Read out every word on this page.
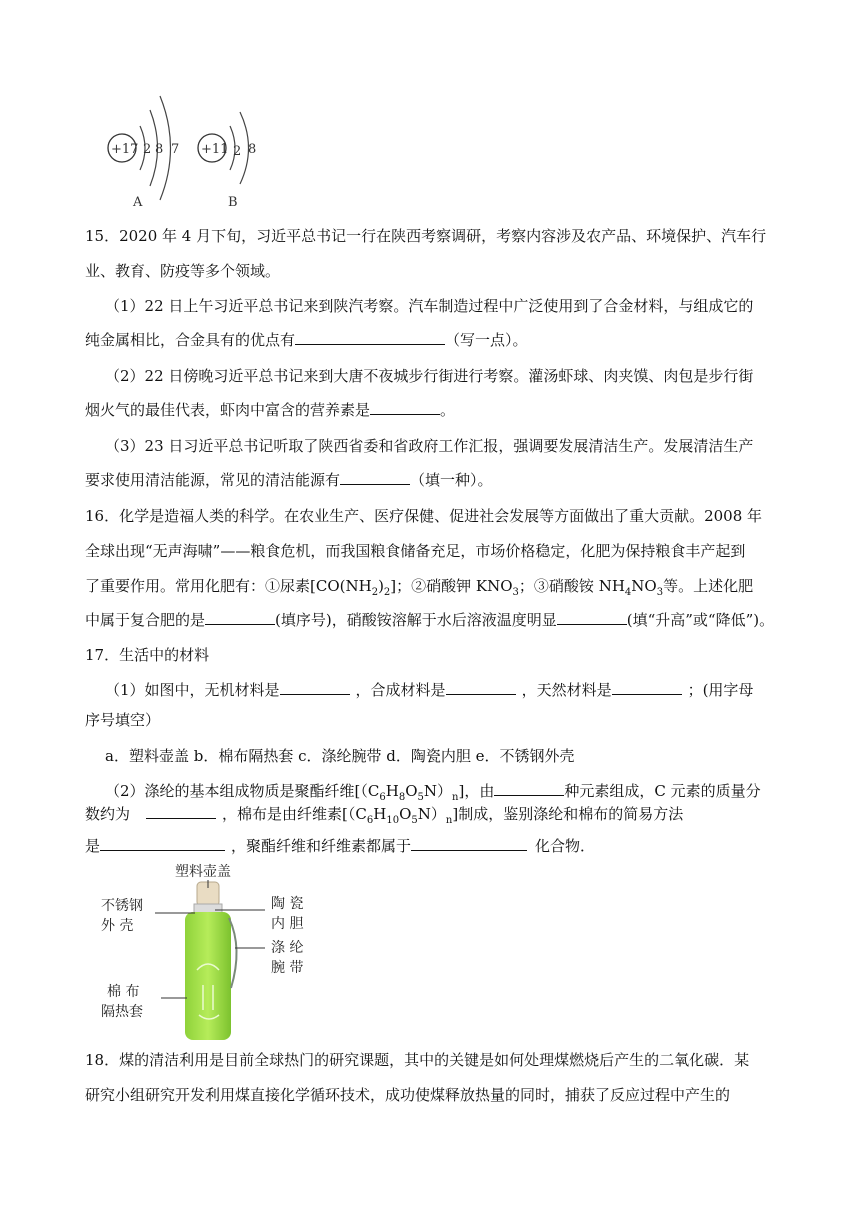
+17 2 8 7
A
+11 2 8
B
15．2020 年 4 月下旬，习近平总书记一行在陕西考察调研，考察内容涉及农产品、环境保护、汽车行
业、教育、防疫等多个领域。
（1）22 日上午习近平总书记来到陕汽考察。汽车制造过程中广泛使用到了合金材料，与组成它的
纯金属相比，合金具有的优点有	（写一点）。
（2）22 日傍晚习近平总书记来到大唐不夜城步行街进行考察。灌汤虾球、肉夹馍、肉包是步行街
烟火气的最佳代表，虾肉中富含的营养素是	。
（3）23 日习近平总书记听取了陕西省委和省政府工作汇报，强调要发展清洁生产。发展清洁生产
要求使用清洁能源，常见的清洁能源有	（填一种）。
16．化学是造福人类的科学。在农业生产、医疗保健、促进社会发展等方面做出了重大贡献。2008 年
全球出现“无声海啸”——粮食危机，而我国粮食储备充足，市场价格稳定，化肥为保持粮食丰产起到
了重要作用。常用化肥有：①尿素$[CO(NH_2)_2]$；②硝酸钾 $KNO_3$；③硝酸铵 $NH_4NO_3$等。上述化肥
中属于复合肥的是	(填序号)，硝酸铵溶解于水后溶液温度明显	(填“升高”或“降低”)。
17．生活中的材料
（1）如图中，无机材料是	，合成材料是	，天然材料是	；(用字母
序号填空）
a．塑料壶盖 b．棉布隔热套 c．涤纶腕带 d．陶瓷内胆 e．不锈钢外壳
（2）涤纶的基本组成物质是聚酯纤维$[(C_6H_8O_5N)_n]$，由	种元素组成，C 元素的质量分
数约为	，棉布是由纤维素$[(C_6H_{10}O_5N)_n]$制成，鉴别涤纶和棉布的简易方法
是	，聚酯纤维和纤维素都属于	化合物．
塑料壶盖
不锈钢
外 壳
棉 布
隔热套
陶 瓷
内 胆
涤 纶
腕 带
18．煤的清洁利用是目前全球热门的研究课题，其中的关键是如何处理煤燃烧后产生的二氧化碳．某
研究小组研究开发利用煤直接化学循环技术，成功使煤释放热量的同时，捕获了反应过程中产生的
